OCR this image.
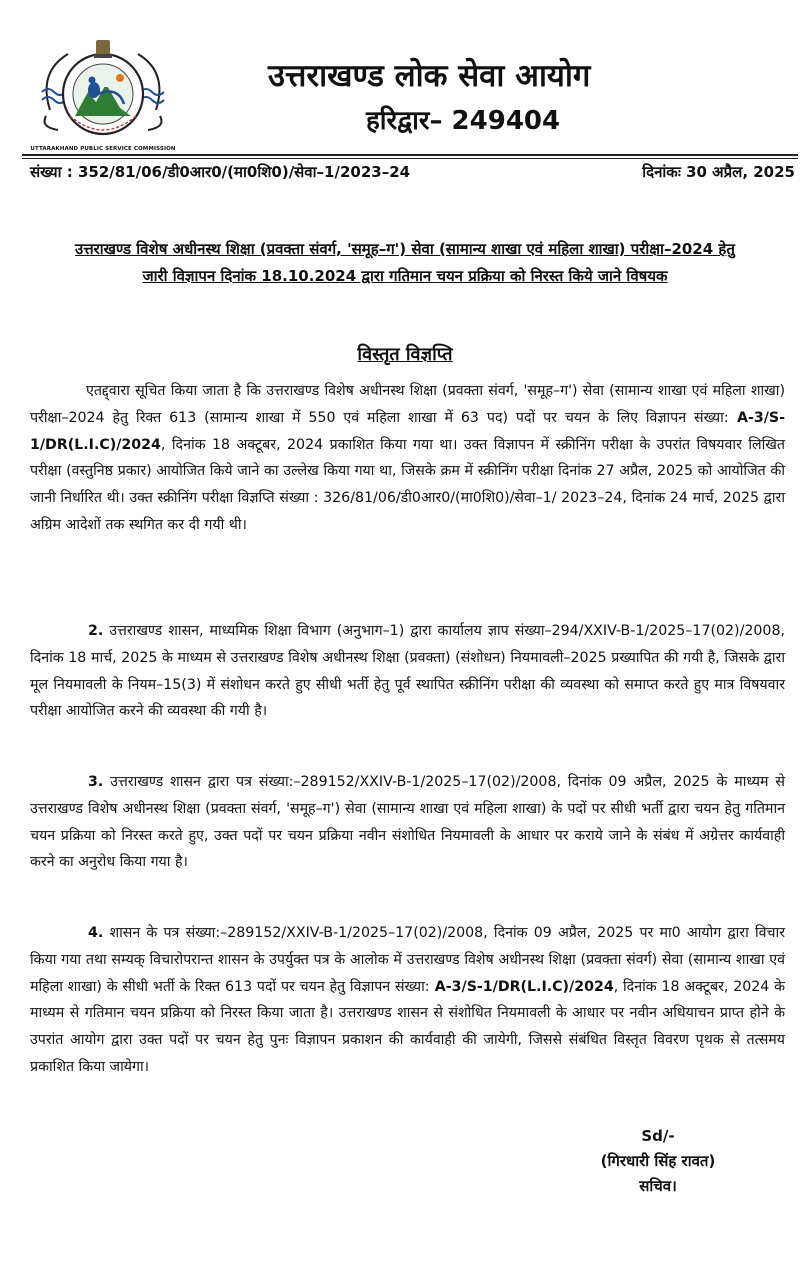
UTTARAKHAND PUBLIC SERVICE COMMISSION
उत्तराखण्ड लोक सेवा आयोग
हरिद्वार– 249404
संख्या : 352/81/06/डी0आर0/(मा0शि0)/सेवा–1/2023–24	दिनांकः 30 अप्रैल, 2025
उत्तराखण्ड विशेष अधीनस्थ शिक्षा (प्रवक्ता संवर्ग, 'समूह–ग') सेवा (सामान्य शाखा एवं महिला शाखा) परीक्षा–2024 हेतु जारी विज्ञापन दिनांक 18.10.2024 द्वारा गतिमान चयन प्रक्रिया को निरस्त किये जाने विषयक
विस्तृत विज्ञप्ति
एतद्द्वारा सूचित किया जाता है कि उत्तराखण्ड विशेष अधीनस्थ शिक्षा (प्रवक्ता संवर्ग, 'समूह–ग') सेवा (सामान्य शाखा एवं महिला शाखा) परीक्षा–2024 हेतु रिक्त 613 (सामान्य शाखा में 550 एवं महिला शाखा में 63 पद) पदों पर चयन के लिए विज्ञापन संख्या: A-3/S-1/DR(L.I.C)/2024, दिनांक 18 अक्टूबर, 2024 प्रकाशित किया गया था। उक्त विज्ञापन में स्क्रीनिंग परीक्षा के उपरांत विषयवार लिखित परीक्षा (वस्तुनिष्ठ प्रकार) आयोजित किये जाने का उल्लेख किया गया था, जिसके क्रम में स्क्रीनिंग परीक्षा दिनांक 27 अप्रैल, 2025 को आयोजित की जानी निर्धारित थी। उक्त स्क्रीनिंग परीक्षा विज्ञप्ति संख्या : 326/81/06/डी0आर0/(मा0शि0)/सेवा–1/ 2023–24, दिनांक 24 मार्च, 2025 द्वारा अग्रिम आदेशों तक स्थगित कर दी गयी थी।
2. उत्तराखण्ड शासन, माध्यमिक शिक्षा विभाग (अनुभाग–1) द्वारा कार्यालय ज्ञाप संख्या–294/XXIV-B-1/2025–17(02)/2008, दिनांक 18 मार्च, 2025 के माध्यम से उत्तराखण्ड विशेष अधीनस्थ शिक्षा (प्रवक्ता) (संशोधन) नियमावली–2025 प्रख्यापित की गयी है, जिसके द्वारा मूल नियमावली के नियम–15(3) में संशोधन करते हुए सीधी भर्ती हेतु पूर्व स्थापित स्क्रीनिंग परीक्षा की व्यवस्था को समाप्त करते हुए मात्र विषयवार परीक्षा आयोजित करने की व्यवस्था की गयी है।
3. उत्तराखण्ड शासन द्वारा पत्र संख्या:–289152/XXIV-B-1/2025–17(02)/2008, दिनांक 09 अप्रैल, 2025 के माध्यम से उत्तराखण्ड विशेष अधीनस्थ शिक्षा (प्रवक्ता संवर्ग, 'समूह–ग') सेवा (सामान्य शाखा एवं महिला शाखा) के पदों पर सीधी भर्ती द्वारा चयन हेतु गतिमान चयन प्रक्रिया को निरस्त करते हुए, उक्त पदों पर चयन प्रक्रिया नवीन संशोधित नियमावली के आधार पर कराये जाने के संबंध में अग्रेत्तर कार्यवाही करने का अनुरोध किया गया है।
4. शासन के पत्र संख्या:–289152/XXIV-B-1/2025–17(02)/2008, दिनांक 09 अप्रैल, 2025 पर मा0 आयोग द्वारा विचार किया गया तथा सम्यक् विचारोपरान्त शासन के उपर्युक्त पत्र के आलोक में उत्तराखण्ड विशेष अधीनस्थ शिक्षा (प्रवक्ता संवर्ग) सेवा (सामान्य शाखा एवं महिला शाखा) के सीधी भर्ती के रिक्त 613 पदों पर चयन हेतु विज्ञापन संख्या: A-3/S-1/DR(L.I.C)/2024, दिनांक 18 अक्टूबर, 2024 के माध्यम से गतिमान चयन प्रक्रिया को निरस्त किया जाता है। उत्तराखण्ड शासन से संशोधित नियमावली के आधार पर नवीन अधियाचन प्राप्त होने के उपरांत आयोग द्वारा उक्त पदों पर चयन हेतु पुनः विज्ञापन प्रकाशन की कार्यवाही की जायेगी, जिससे संबंधित विस्तृत विवरण पृथक से तत्समय प्रकाशित किया जायेगा।
Sd/-
(गिरधारी सिंह रावत)
सचिव।
